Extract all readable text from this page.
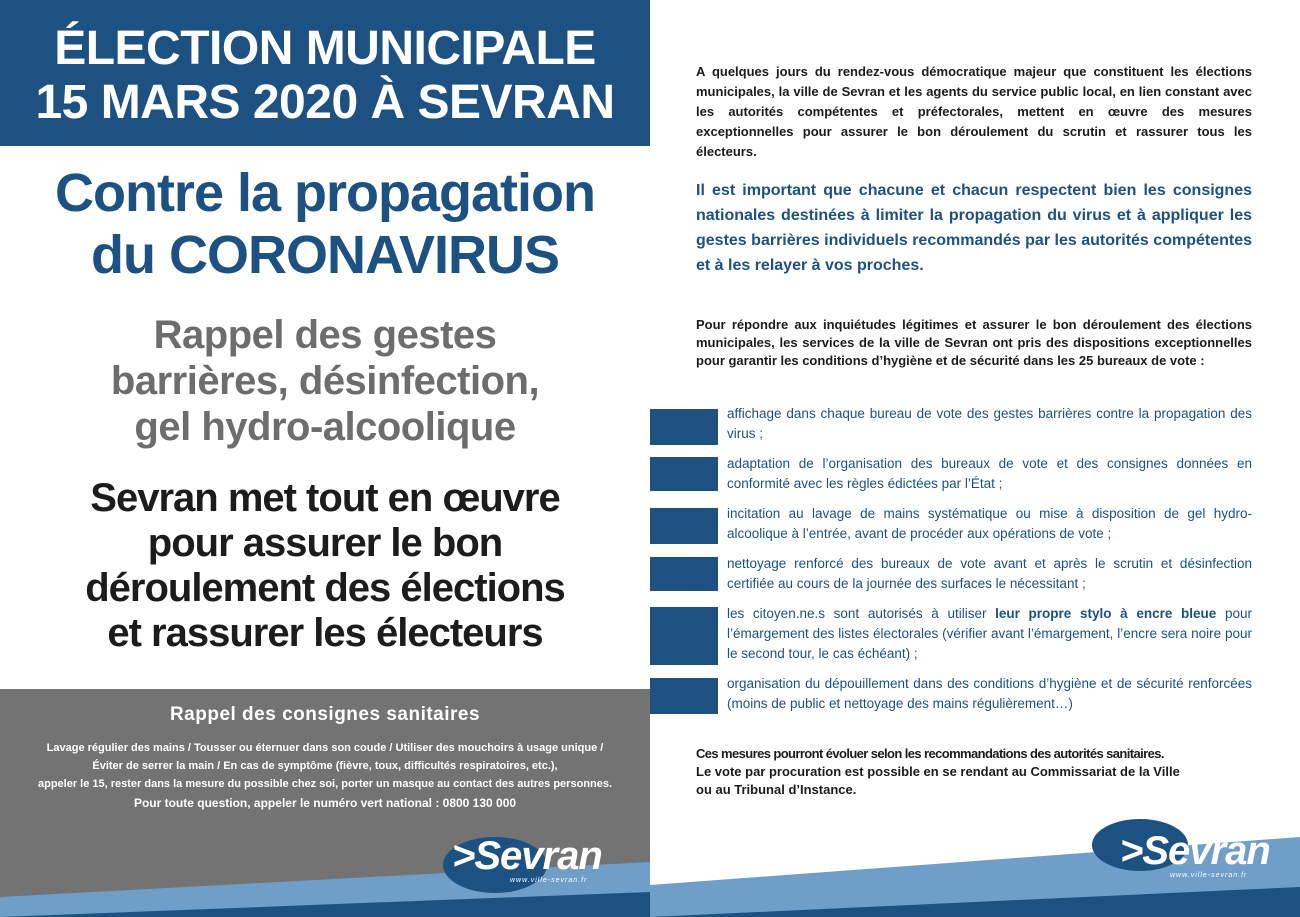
ÉLECTION MUNICIPALE
15 MARS 2020 À SEVRAN
Contre la propagation
du CORONAVIRUS
Rappel des gestes
barrières, désinfection,
gel hydro-alcoolique
Sevran met tout en œuvre
pour assurer le bon
déroulement des élections
et rassurer les électeurs
Rappel des consignes sanitaires
Lavage régulier des mains / Tousser ou éternuer dans son coude / Utiliser des mouchoirs à usage unique /
Éviter de serrer la main / En cas de symptôme (fièvre, toux, difficultés respiratoires, etc.),
appeler le 15, rester dans la mesure du possible chez soi, porter un masque au contact des autres personnes.
Pour toute question, appeler le numéro vert national : 0800 130 000
>Sevran
www.ville-sevran.fr
A quelques jours du rendez-vous démocratique majeur que constituent les élections municipales, la ville de Sevran et les agents du service public local, en lien constant avec les autorités compétentes et préfectorales, mettent en œuvre des mesures exceptionnelles pour assurer le bon déroulement du scrutin et rassurer tous les électeurs.
Il est important que chacune et chacun respectent bien les consignes nationales destinées à limiter la propagation du virus et à appliquer les gestes barrières individuels recommandés par les autorités compétentes et à les relayer à vos proches.
Pour répondre aux inquiétudes légitimes et assurer le bon déroulement des élections municipales, les services de la ville de Sevran ont pris des dispositions exceptionnelles pour garantir les conditions d’hygiène et de sécurité dans les 25 bureaux de vote :
affichage dans chaque bureau de vote des gestes barrières contre la propagation des virus ;
adaptation de l’organisation des bureaux de vote et des consignes données en conformité avec les règles édictées par l’État ;
incitation au lavage de mains systématique ou mise à disposition de gel hydro-alcoolique à l’entrée, avant de procéder aux opérations de vote ;
nettoyage renforcé des bureaux de vote avant et après le scrutin et désinfection certifiée au cours de la journée des surfaces le nécessitant ;
les citoyen.ne.s sont autorisés à utiliser leur propre stylo à encre bleue pour l’émargement des listes électorales (vérifier avant l’émargement, l’encre sera noire pour le second tour, le cas échéant) ;
organisation du dépouillement dans des conditions d’hygiène et de sécurité renforcées (moins de public et nettoyage des mains régulièrement…)
Ces mesures pourront évoluer selon les recommandations des autorités sanitaires.
Le vote par procuration est possible en se rendant au Commissariat de la Ville
ou au Tribunal d’Instance.
>Sevran
www.ville-sevran.fr
